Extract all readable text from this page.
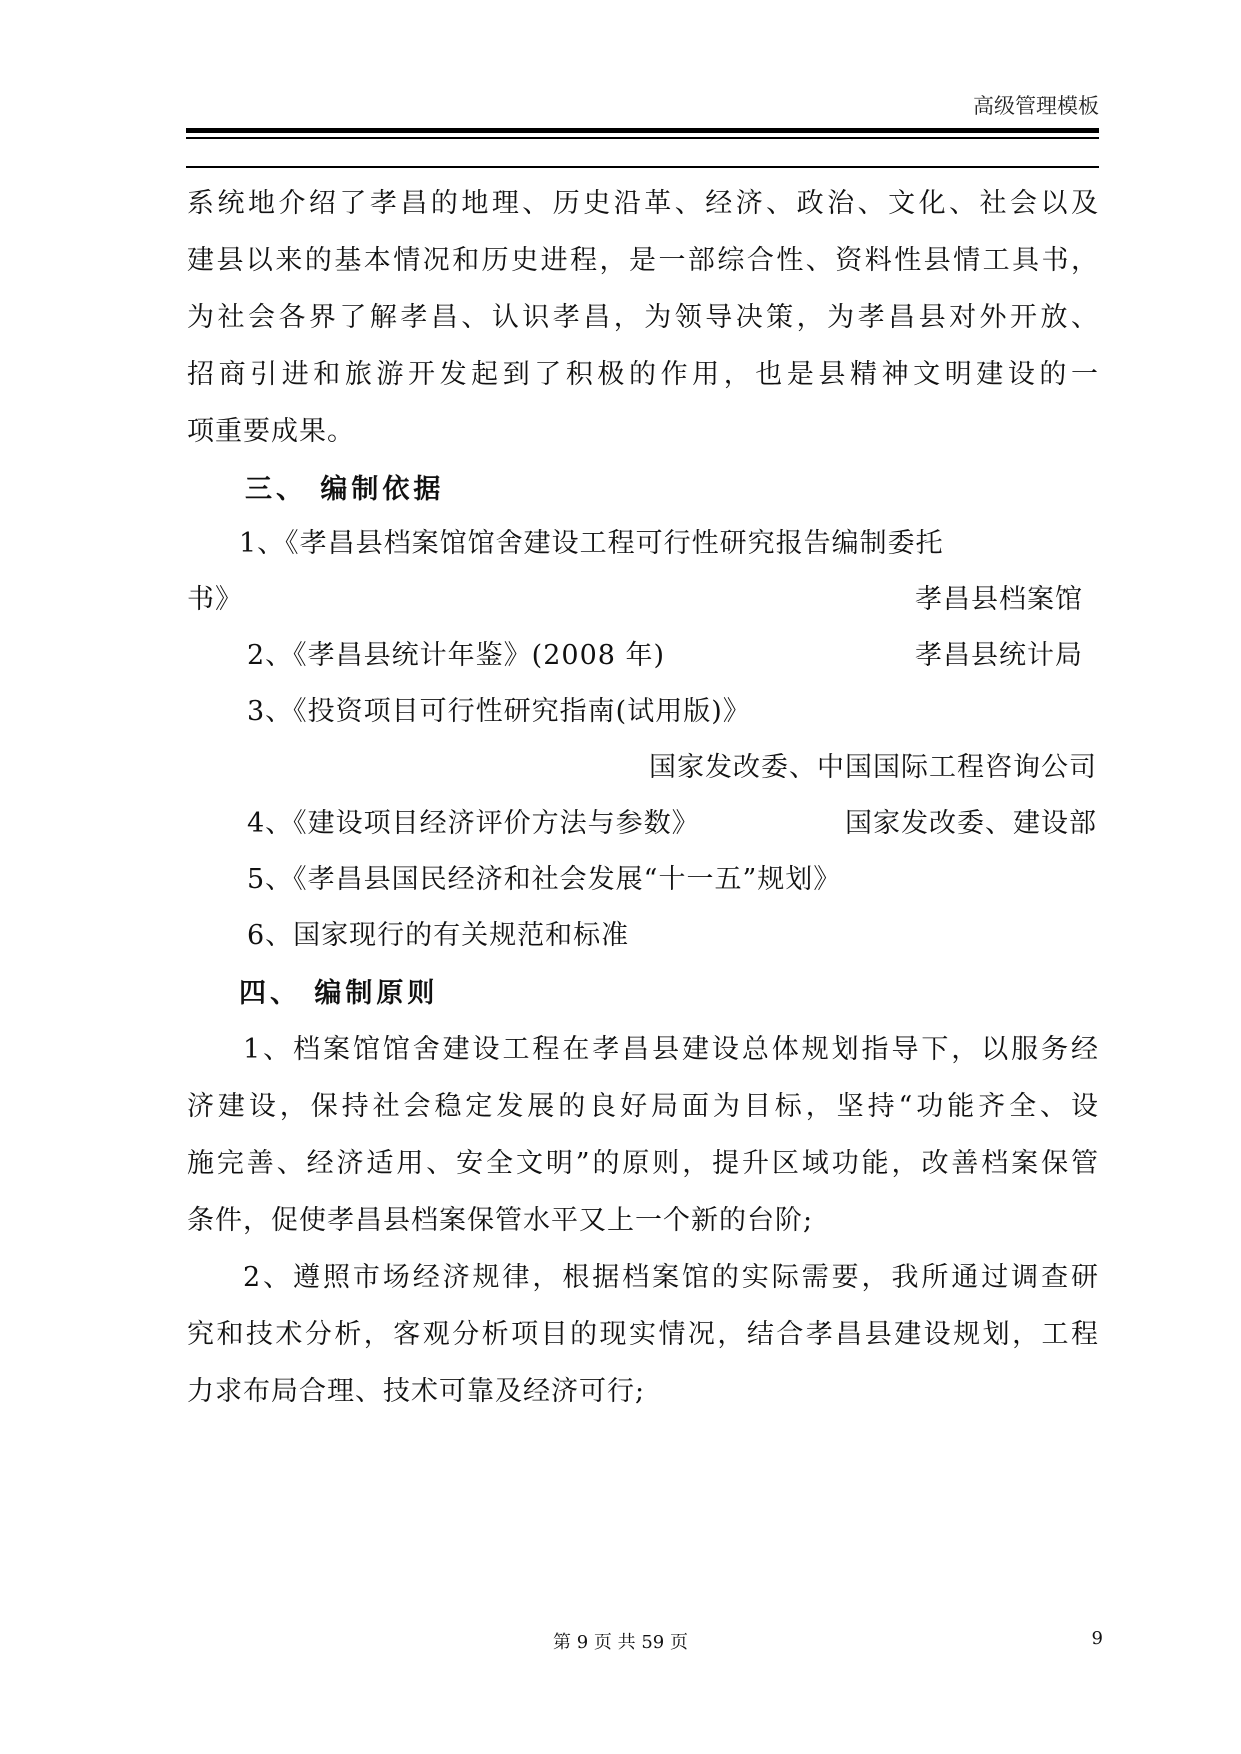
高级管理模板
系统地介绍了孝昌的地理、历史沿革、经济、政治、文化、社会以及
建县以来的基本情况和历史进程，是一部综合性、资料性县情工具书，
为社会各界了解孝昌、认识孝昌，为领导决策，为孝昌县对外开放、
招商引进和旅游开发起到了积极的作用，也是县精神文明建设的一
项重要成果。
三、 编制依据
1、《孝昌县档案馆馆舍建设工程可行性研究报告编制委托
书》	孝昌县档案馆
2、《孝昌县统计年鉴》(2008 年)	孝昌县统计局
3、《投资项目可行性研究指南(试用版)》
国家发改委、中国国际工程咨询公司
4、《建设项目经济评价方法与参数》	国家发改委、建设部
5、《孝昌县国民经济和社会发展“十一五”规划》
6、国家现行的有关规范和标准
四、 编制原则
1、档案馆馆舍建设工程在孝昌县建设总体规划指导下，以服务经
济建设，保持社会稳定发展的良好局面为目标，坚持“功能齐全、设
施完善、经济适用、安全文明”的原则，提升区域功能，改善档案保管
条件，促使孝昌县档案保管水平又上一个新的台阶;
2、遵照市场经济规律，根据档案馆的实际需要，我所通过调查研
究和技术分析，客观分析项目的现实情况，结合孝昌县建设规划，工程
力求布局合理、技术可靠及经济可行;
第 9 页 共 59 页	9
